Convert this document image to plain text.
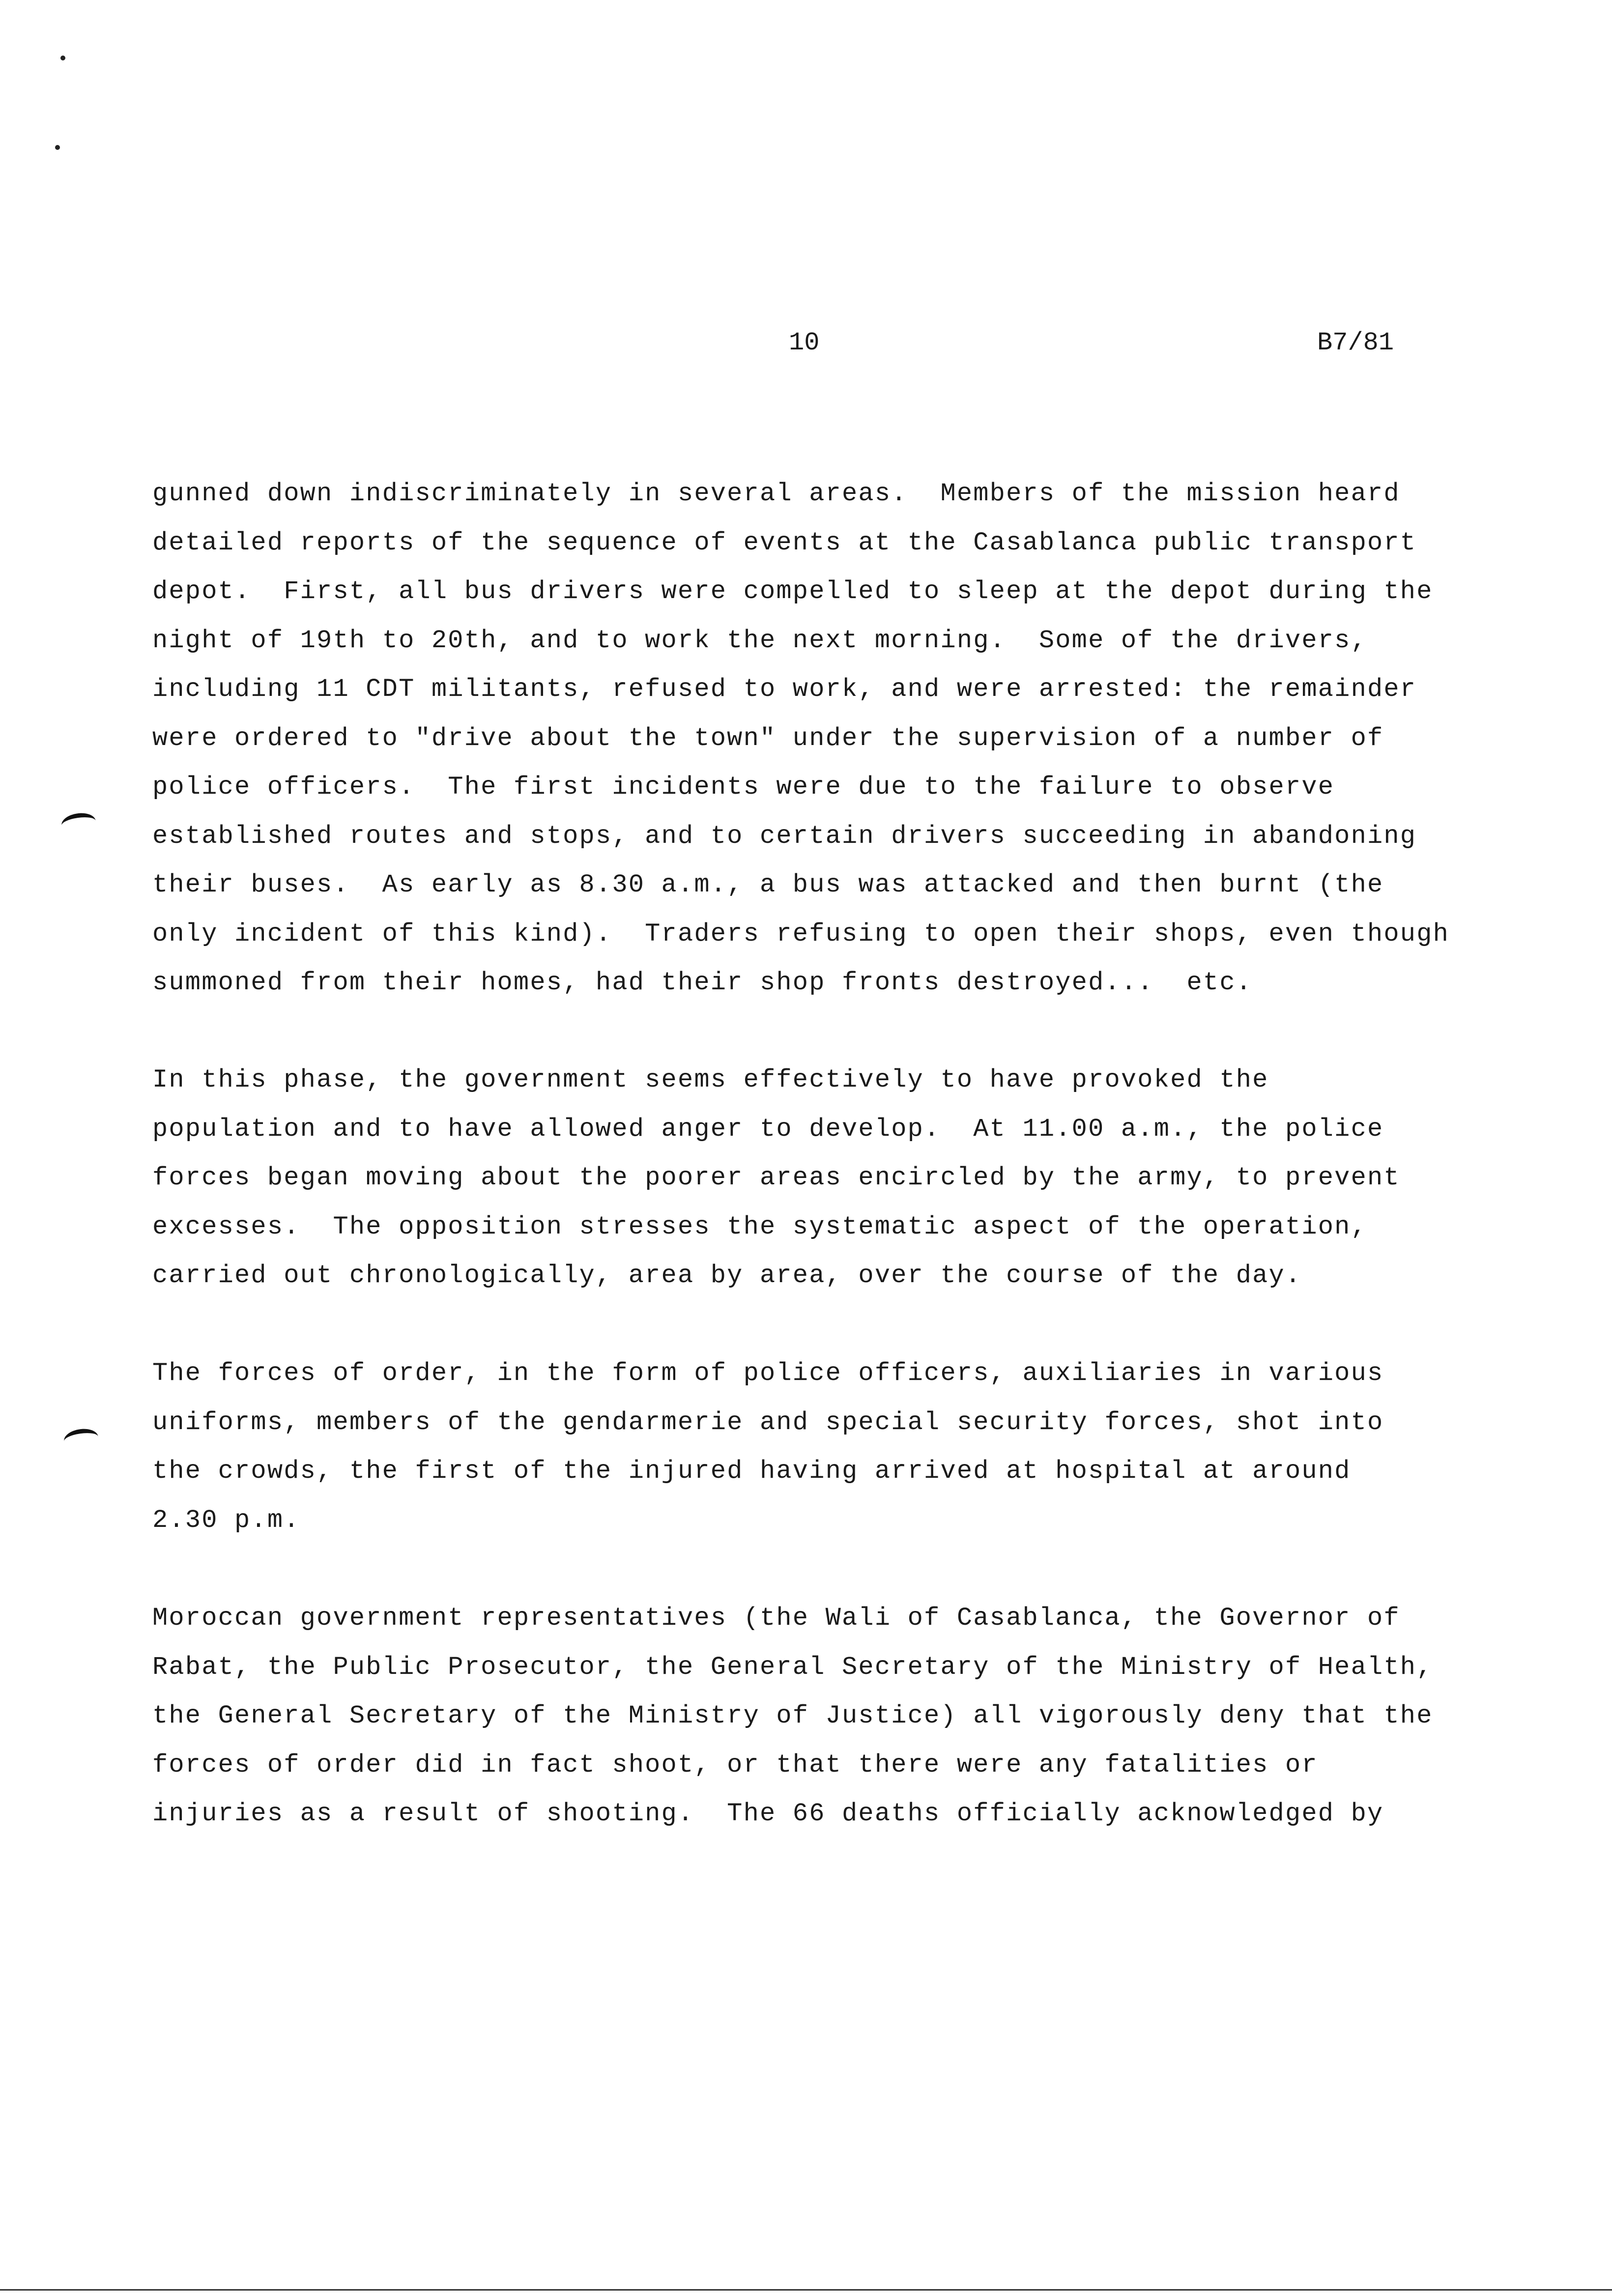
10	B7/81
gunned down indiscriminately in several areas.  Members of the mission heard
detailed reports of the sequence of events at the Casablanca public transport
depot.  First, all bus drivers were compelled to sleep at the depot during the
night of 19th to 20th, and to work the next morning.  Some of the drivers,
including 11 CDT militants, refused to work, and were arrested: the remainder
were ordered to "drive about the town" under the supervision of a number of
police officers.  The first incidents were due to the failure to observe
established routes and stops, and to certain drivers succeeding in abandoning
their buses.  As early as 8.30 a.m., a bus was attacked and then burnt (the
only incident of this kind).  Traders refusing to open their shops, even though
summoned from their homes, had their shop fronts destroyed...  etc.
In this phase, the government seems effectively to have provoked the
population and to have allowed anger to develop.  At 11.00 a.m., the police
forces began moving about the poorer areas encircled by the army, to prevent
excesses.  The opposition stresses the systematic aspect of the operation,
carried out chronologically, area by area, over the course of the day.
The forces of order, in the form of police officers, auxiliaries in various
uniforms, members of the gendarmerie and special security forces, shot into
the crowds, the first of the injured having arrived at hospital at around
2.30 p.m.
Moroccan government representatives (the Wali of Casablanca, the Governor of
Rabat, the Public Prosecutor, the General Secretary of the Ministry of Health,
the General Secretary of the Ministry of Justice) all vigorously deny that the
forces of order did in fact shoot, or that there were any fatalities or
injuries as a result of shooting.  The 66 deaths officially acknowledged by
